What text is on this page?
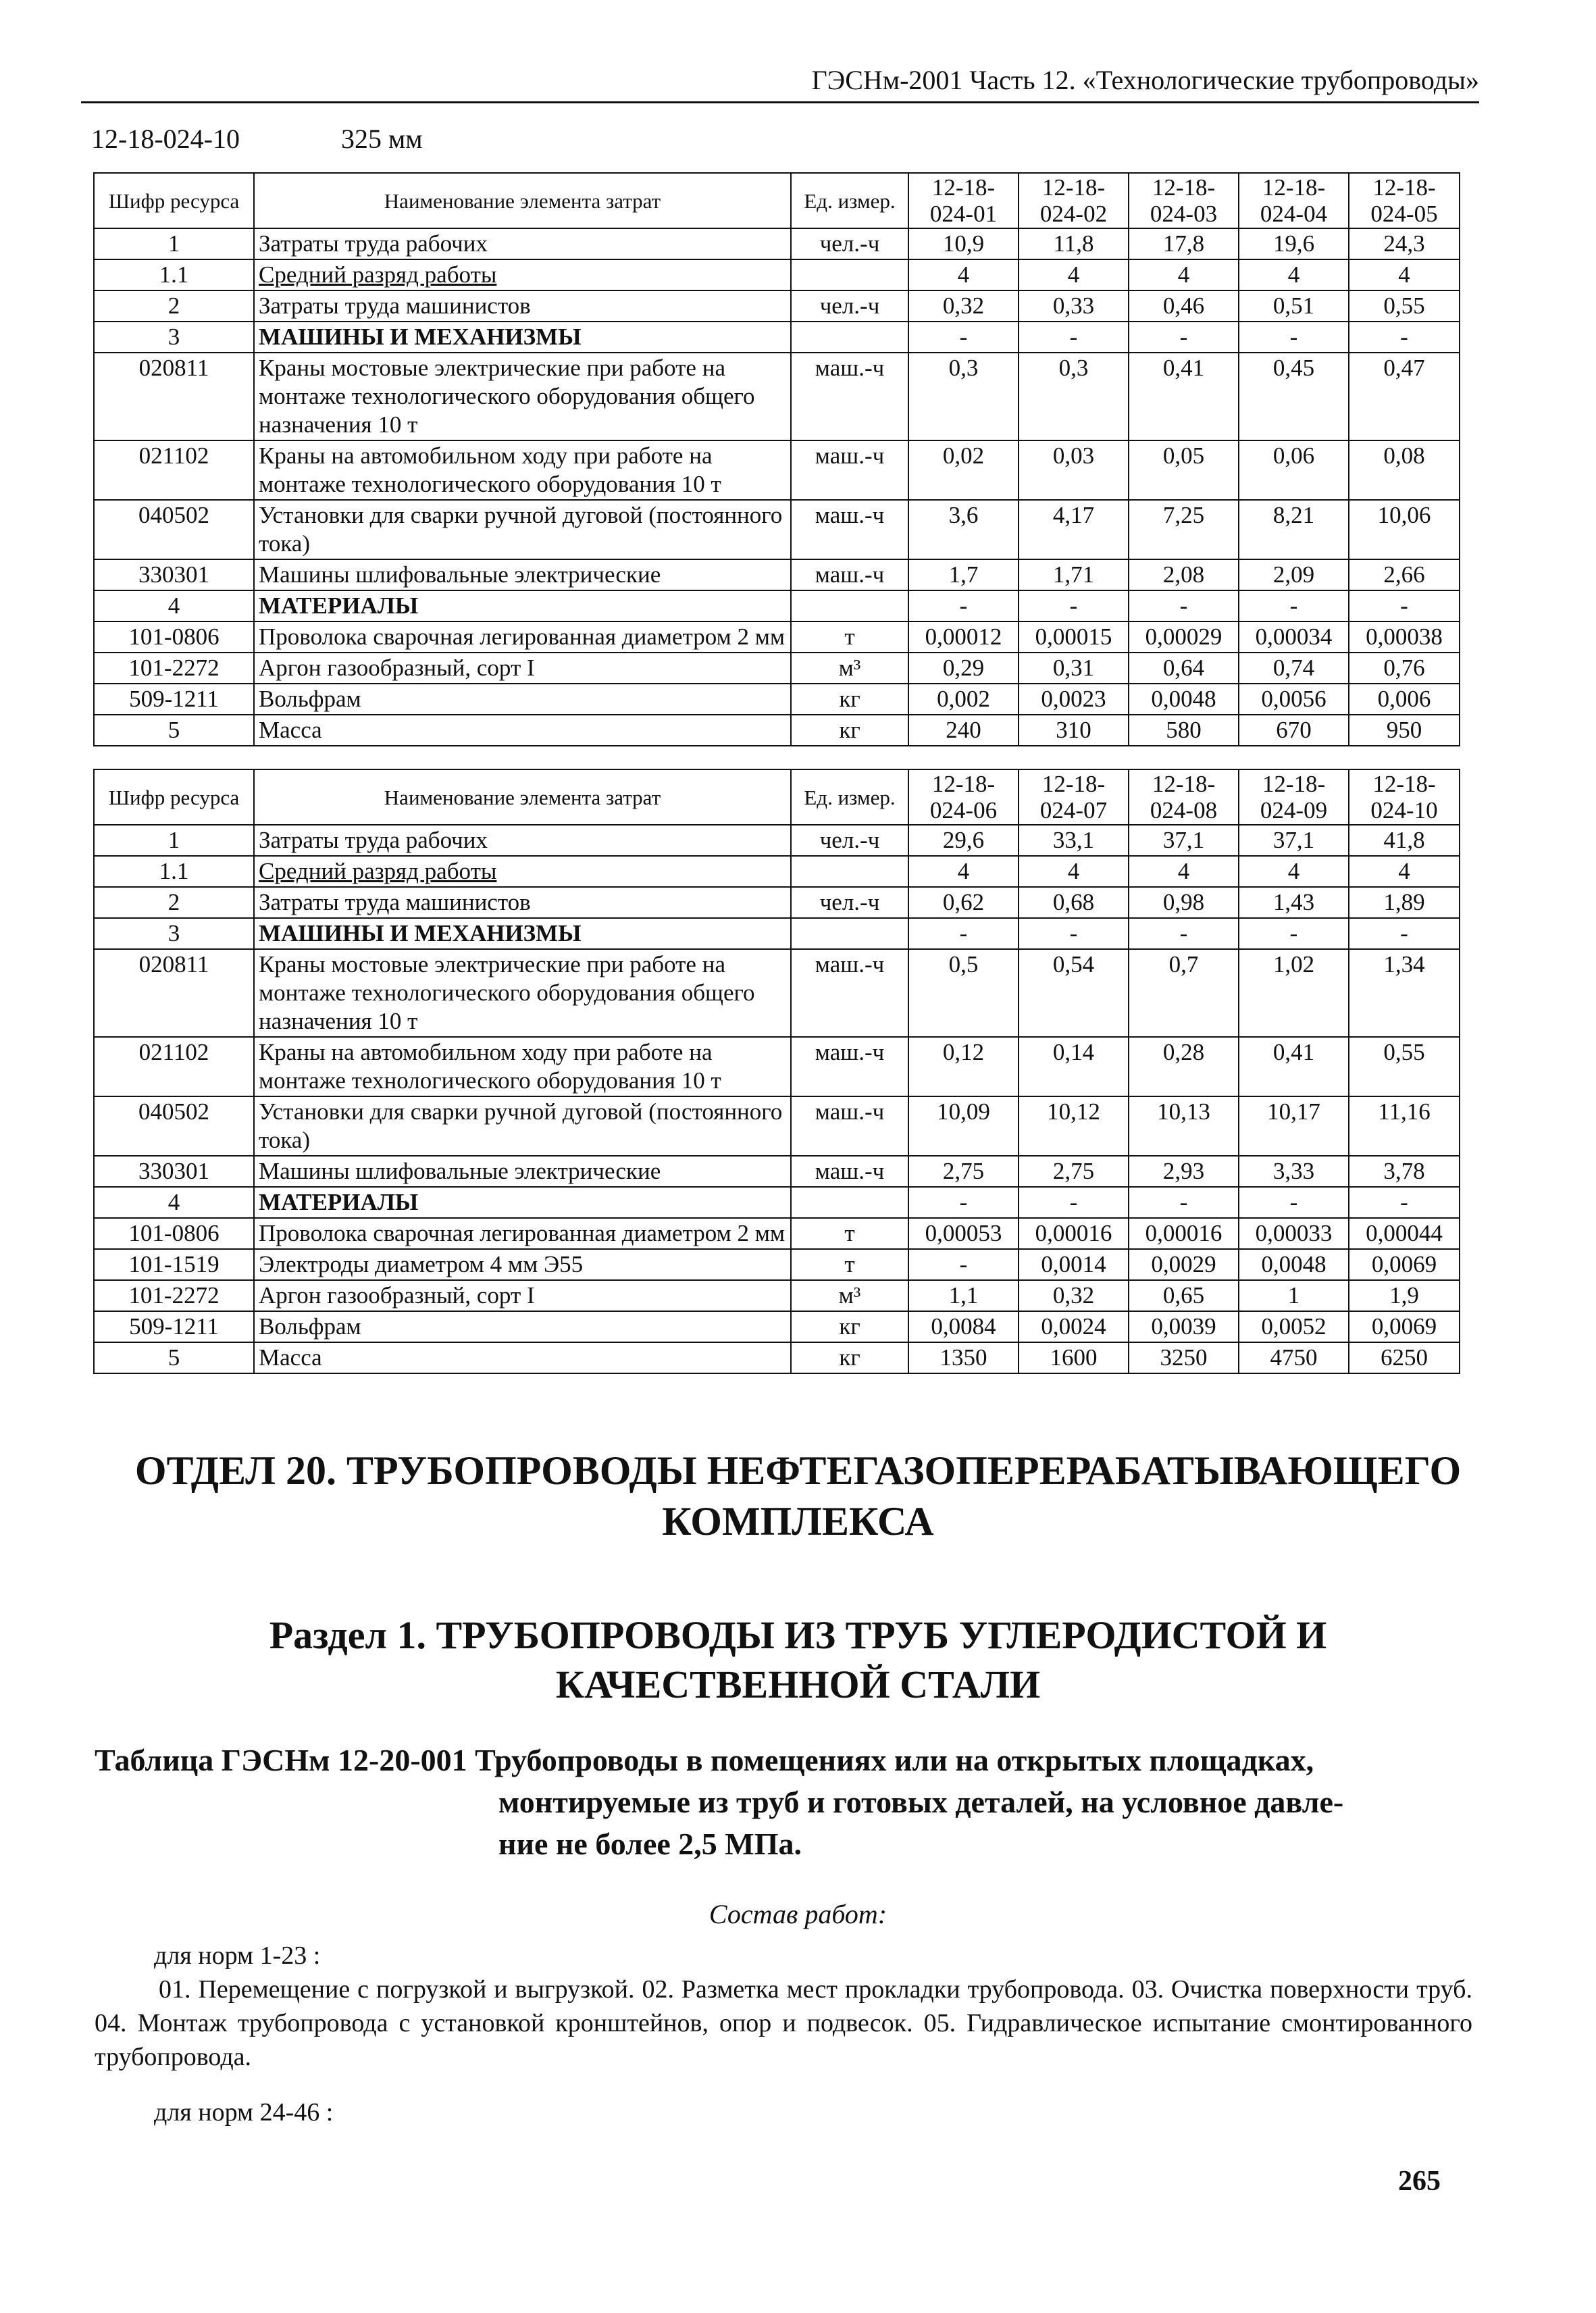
ГЭСНм-2001 Часть 12. «Технологические трубопроводы»
12-18-024-10	325 мм
Шифр ресурса	Наименование элемента затрат	Ед. измер.	12-18- 024-01	12-18- 024-02	12-18- 024-03	12-18- 024-04	12-18- 024-05
1	Затраты труда рабочих	чел.-ч	10,9	11,8	17,8	19,6	24,3
1.1	Средний разряд работы		4	4	4	4	4
2	Затраты труда машинистов	чел.-ч	0,32	0,33	0,46	0,51	0,55
3	МАШИНЫ И МЕХАНИЗМЫ		-	-	-	-	-
020811	Краны мостовые электрические при работе на монтаже технологического оборудования общего назначения 10 т	маш.-ч	0,3	0,3	0,41	0,45	0,47
021102	Краны на автомобильном ходу при работе на монтаже технологического оборудования 10 т	маш.-ч	0,02	0,03	0,05	0,06	0,08
040502	Установки для сварки ручной дуговой (постоянного тока)	маш.-ч	3,6	4,17	7,25	8,21	10,06
330301	Машины шлифовальные электрические	маш.-ч	1,7	1,71	2,08	2,09	2,66
4	МАТЕРИАЛЫ		-	-	-	-	-
101-0806	Проволока сварочная легированная диаметром 2 мм	т	0,00012	0,00015	0,00029	0,00034	0,00038
101-2272	Аргон газообразный, сорт I	м³	0,29	0,31	0,64	0,74	0,76
509-1211	Вольфрам	кг	0,002	0,0023	0,0048	0,0056	0,006
5	Масса	кг	240	310	580	670	950
Шифр ресурса	Наименование элемента затрат	Ед. измер.	12-18- 024-06	12-18- 024-07	12-18- 024-08	12-18- 024-09	12-18- 024-10
1	Затраты труда рабочих	чел.-ч	29,6	33,1	37,1	37,1	41,8
1.1	Средний разряд работы		4	4	4	4	4
2	Затраты труда машинистов	чел.-ч	0,62	0,68	0,98	1,43	1,89
3	МАШИНЫ И МЕХАНИЗМЫ		-	-	-	-	-
020811	Краны мостовые электрические при работе на монтаже технологического оборудования общего назначения 10 т	маш.-ч	0,5	0,54	0,7	1,02	1,34
021102	Краны на автомобильном ходу при работе на монтаже технологического оборудования 10 т	маш.-ч	0,12	0,14	0,28	0,41	0,55
040502	Установки для сварки ручной дуговой (постоянного тока)	маш.-ч	10,09	10,12	10,13	10,17	11,16
330301	Машины шлифовальные электрические	маш.-ч	2,75	2,75	2,93	3,33	3,78
4	МАТЕРИАЛЫ		-	-	-	-	-
101-0806	Проволока сварочная легированная диаметром 2 мм	т	0,00053	0,00016	0,00016	0,00033	0,00044
101-1519	Электроды диаметром 4 мм Э55	т	-	0,0014	0,0029	0,0048	0,0069
101-2272	Аргон газообразный, сорт I	м³	1,1	0,32	0,65	1	1,9
509-1211	Вольфрам	кг	0,0084	0,0024	0,0039	0,0052	0,0069
5	Масса	кг	1350	1600	3250	4750	6250
ОТДЕЛ 20. ТРУБОПРОВОДЫ НЕФТЕГАЗОПЕРЕРАБАТЫВАЮЩЕГО
КОМПЛЕКСА
Раздел 1. ТРУБОПРОВОДЫ ИЗ ТРУБ УГЛЕРОДИСТОЙ И
КАЧЕСТВЕННОЙ СТАЛИ
Таблица ГЭСНм 12-20-001 Трубопроводы в помещениях или на открытых площадках,
монтируемые из труб и готовых деталей, на условное давле-
ние не более 2,5 МПа.
Состав работ:
для норм 1-23 :
01. Перемещение с погрузкой и выгрузкой. 02. Разметка мест прокладки трубопровода. 03. Очистка поверхности труб. 04. Монтаж трубопровода с установкой кронштейнов, опор и подвесок. 05. Гидравлическое испытание смонтированного трубопровода.
для норм 24-46 :
265
